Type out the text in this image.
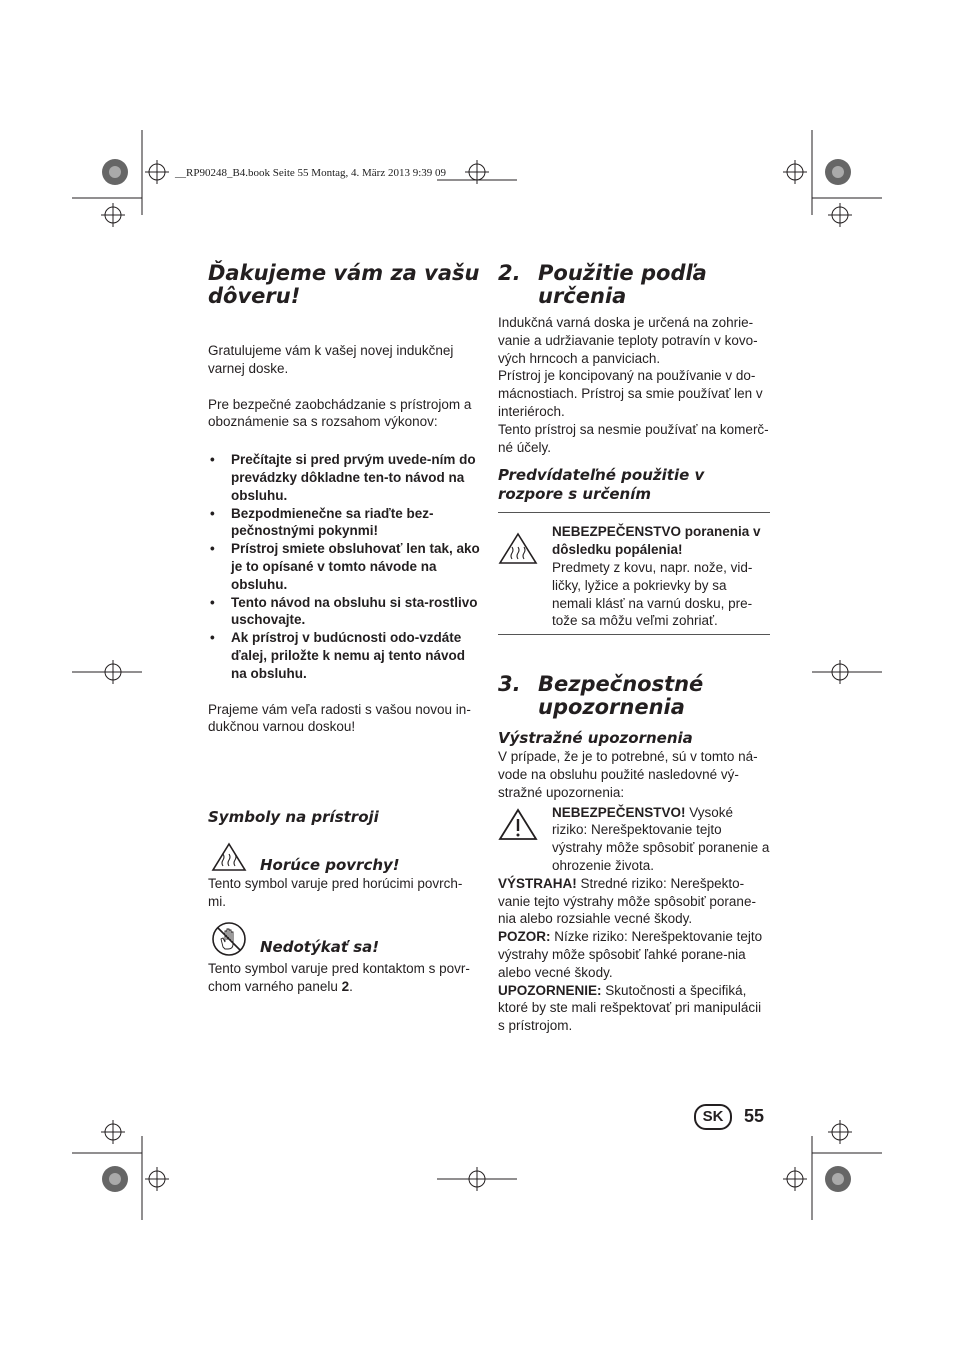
__RP90248_B4.book Seite 55 Montag, 4. März 2013 9:39 09
Ďakujeme vám za vašu dôveru!

Gratulujeme vám k vašej novej indukčnej varnej doske.

Pre bezpečné zaobchádzanie s prístrojom a oboznámenie sa s rozsahom výkonov:

• Prečítajte si pred prvým uvede-ním do prevádzky dôkladne ten-to návod na obsluhu.
• Bezpodmienečne sa riaďte bez-pečnostnými pokynmi!
• Prístroj smiete obsluhovať len tak, ako je to opísané v tomto návode na obsluhu.
• Tento návod na obsluhu si sta-rostlivo uschovajte.
• Ak prístroj v budúcnosti odo-vzdáte ďalej, priložte k nemu aj tento návod na obsluhu.

Prajeme vám veľa radosti s vašou novou in-dukčnou varnou doskou!

Symboly na prístroji
Horúce povrchy!

Tento symbol varuje pred horúcimi povrch-mi.

Nedotýkať sa!

Tento symbol varuje pred kontaktom s povr-chom varného panelu 2.

2. Použitie podľa určenia

Indukčná varná doska je určená na zohrie-vanie a udržiavanie teploty potravín v kovo-vých hrncoch a panviciach.

Prístroj je koncipovaný na používanie v do-mácnostiach. Prístroj sa smie používať len v interiéroch.

Tento prístroj sa nesmie používať na komerč-né účely.

Predvídateľné použitie v rozpore s určením

NEBEZPEČENSTVO poranenia v dôsledku popálenia!

Predmety z kovu, napr. nože, vid-ličky, lyžice a pokrievky by sa nemali klásť na varnú dosku, pre-tože sa môžu veľmi zohriať.

3. Bezpečnostné upozornenia
Výstražné upozornenia

V prípade, že je to potrebné, sú v tomto ná-vode na obsluhu použité nasledovné vý-stražné upozornenia:

NEBEZPEČENSTVO! Vysoké riziko: Nerešpektovanie tejto výstrahy môže spôsobiť poranenie a ohrozenie života.

VÝSTRAHA! Stredné riziko: Nerešpekto-vanie tejto výstrahy môže spôsobiť porane-nia alebo rozsiahle vecné škody.

POZOR: Nízke riziko: Nerešpektovanie tejto výstrahy môže spôsobiť ľahké porane-nia alebo vecné škody.

UPOZORNENIE: Skutočnosti a špecifiká, ktoré by ste mali rešpektovať pri manipulácii s prístrojom.

SK	55
